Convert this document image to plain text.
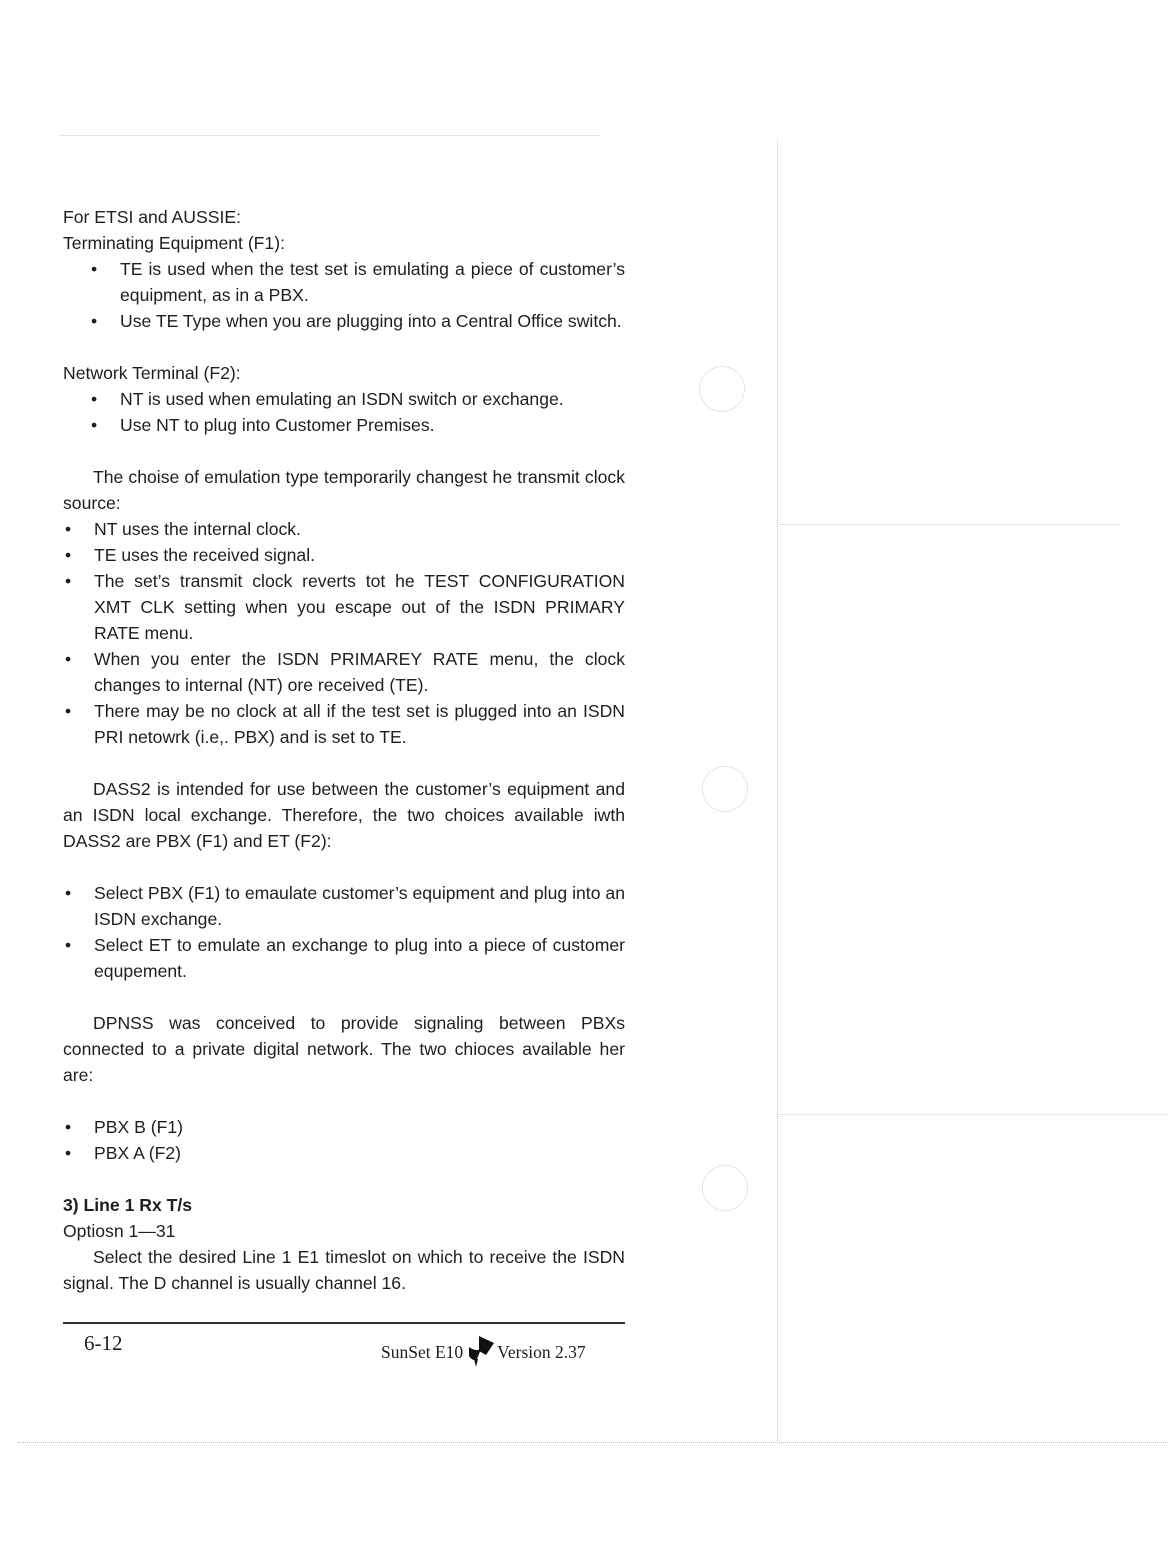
For ETSI and AUSSIE:

Terminating Equipment (F1):

• TE is used when the test set is emulating a piece of customer’s equipment, as in a PBX.
• Use TE Type when you are plugging into a Central Office switch.

Network Terminal (F2):

• NT is used when emulating an ISDN switch or exchange.
• Use NT to plug into Customer Premises.

The choise of emulation type temporarily changest he transmit clock source:

• NT uses the internal clock.
• TE uses the received signal.
• The set’s transmit clock reverts tot he TEST CONFIGURATION XMT CLK setting when you escape out of the ISDN PRIMARY RATE menu.
• When you enter the ISDN PRIMAREY RATE menu, the clock changes to internal (NT) ore received (TE).
• There may be no clock at all if the test set is plugged into an ISDN PRI netowrk (i.e,. PBX) and is set to TE.

DASS2 is intended for use between the customer’s equipment and an ISDN local exchange. Therefore, the two choices available iwth DASS2 are PBX (F1) and ET (F2):

• Select PBX (F1) to emaulate customer’s equipment and plug into an ISDN exchange.
• Select ET to emulate an exchange to plug into a piece of customer equpement.

DPNSS was conceived to provide signaling between PBXs connected to a private digital network. The two chioces available her are:

• PBX B (F1)
• PBX A (F2)

3) Line 1 Rx T/s

Optiosn 1—31

Select the desired Line 1 E1 timeslot on which to receive the ISDN signal. The D channel is usually channel 16.

6-12	SunSet E10 Version 2.37
